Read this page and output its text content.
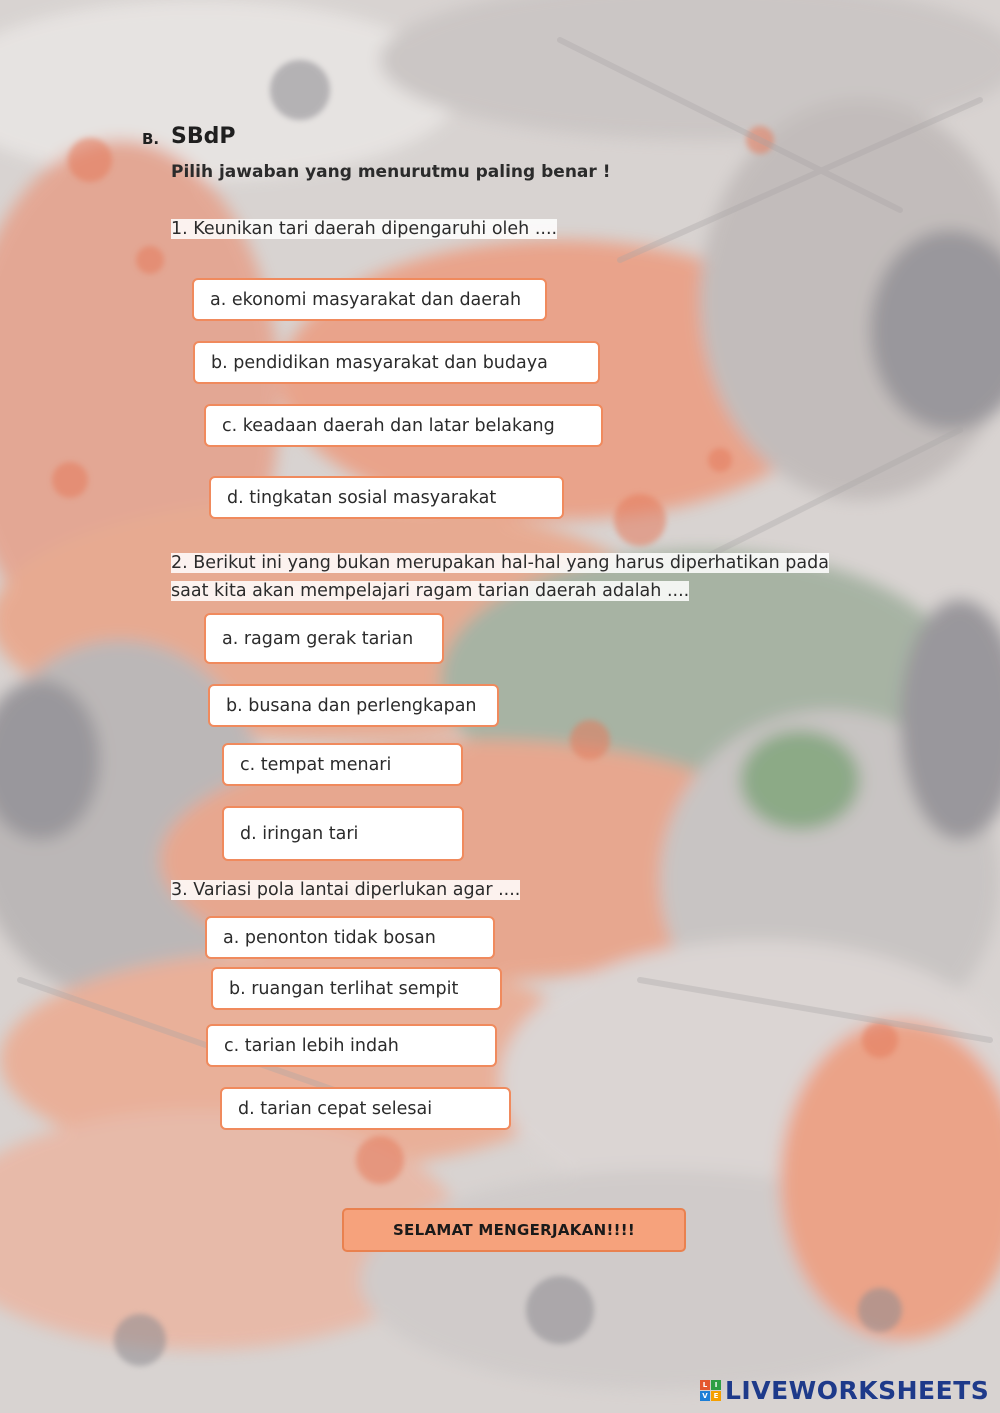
B. SBdP
Pilih jawaban yang menurutmu paling benar !
1. Keunikan tari daerah dipengaruhi oleh ....
a. ekonomi masyarakat dan daerah
b. pendidikan masyarakat dan budaya
c. keadaan daerah dan latar belakang
d. tingkatan sosial masyarakat
2. Berikut ini yang bukan merupakan hal-hal yang harus diperhatikan pada
saat kita akan mempelajari ragam tarian daerah adalah ....
a. ragam gerak tarian
b. busana dan perlengkapan
c. tempat menari
d. iringan tari
3. Variasi pola lantai diperlukan agar ....
a. penonton tidak bosan
b. ruangan terlihat sempit
c. tarian lebih indah
d. tarian cepat selesai
SELAMAT MENGERJAKAN!!!!
L	I
V E LIVEWORKSHEETS
